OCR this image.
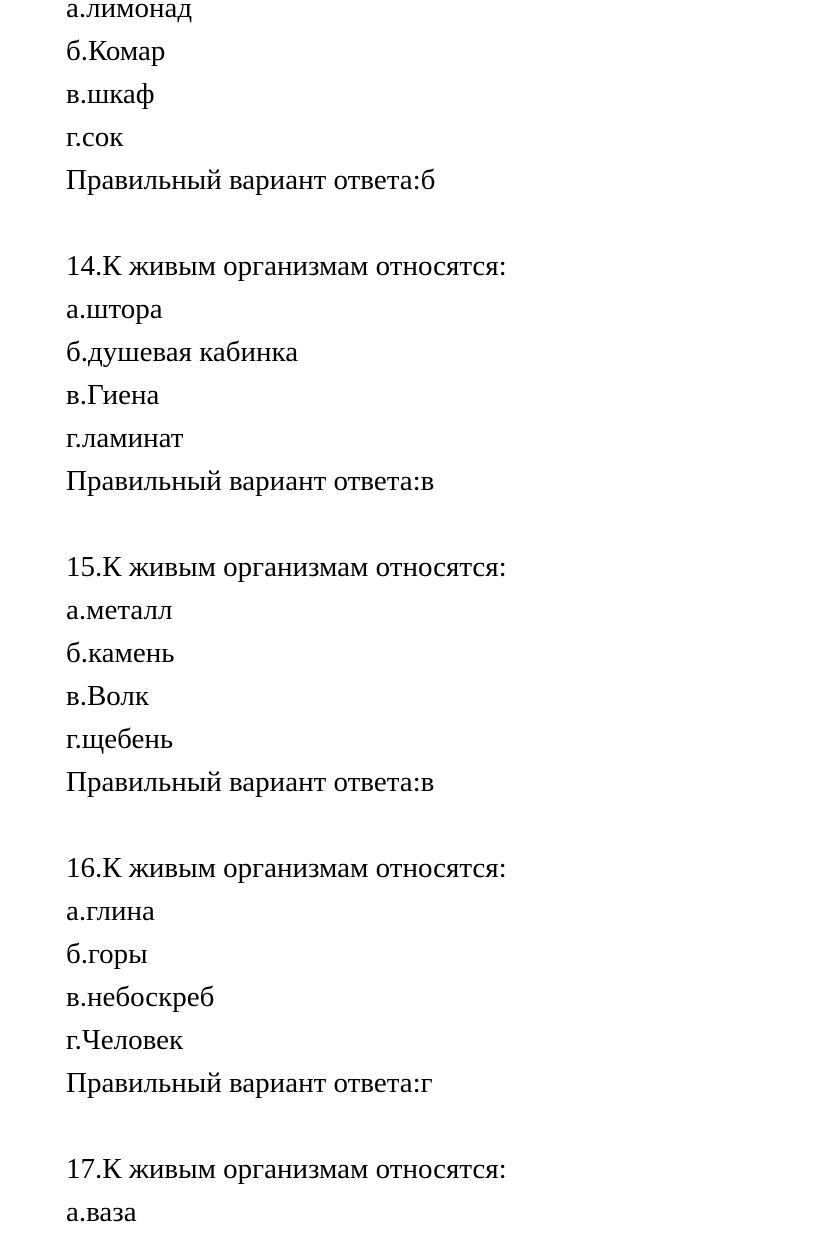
а.лимонад
б.Комар
в.шкаф
г.сок
Правильный вариант ответа:б
14.К живым организмам относятся:
а.штора
б.душевая кабинка
в.Гиена
г.ламинат
Правильный вариант ответа:в
15.К живым организмам относятся:
а.металл
б.камень
в.Волк
г.щебень
Правильный вариант ответа:в
16.К живым организмам относятся:
а.глина
б.горы
в.небоскреб
г.Человек
Правильный вариант ответа:г
17.К живым организмам относятся:
а.ваза
